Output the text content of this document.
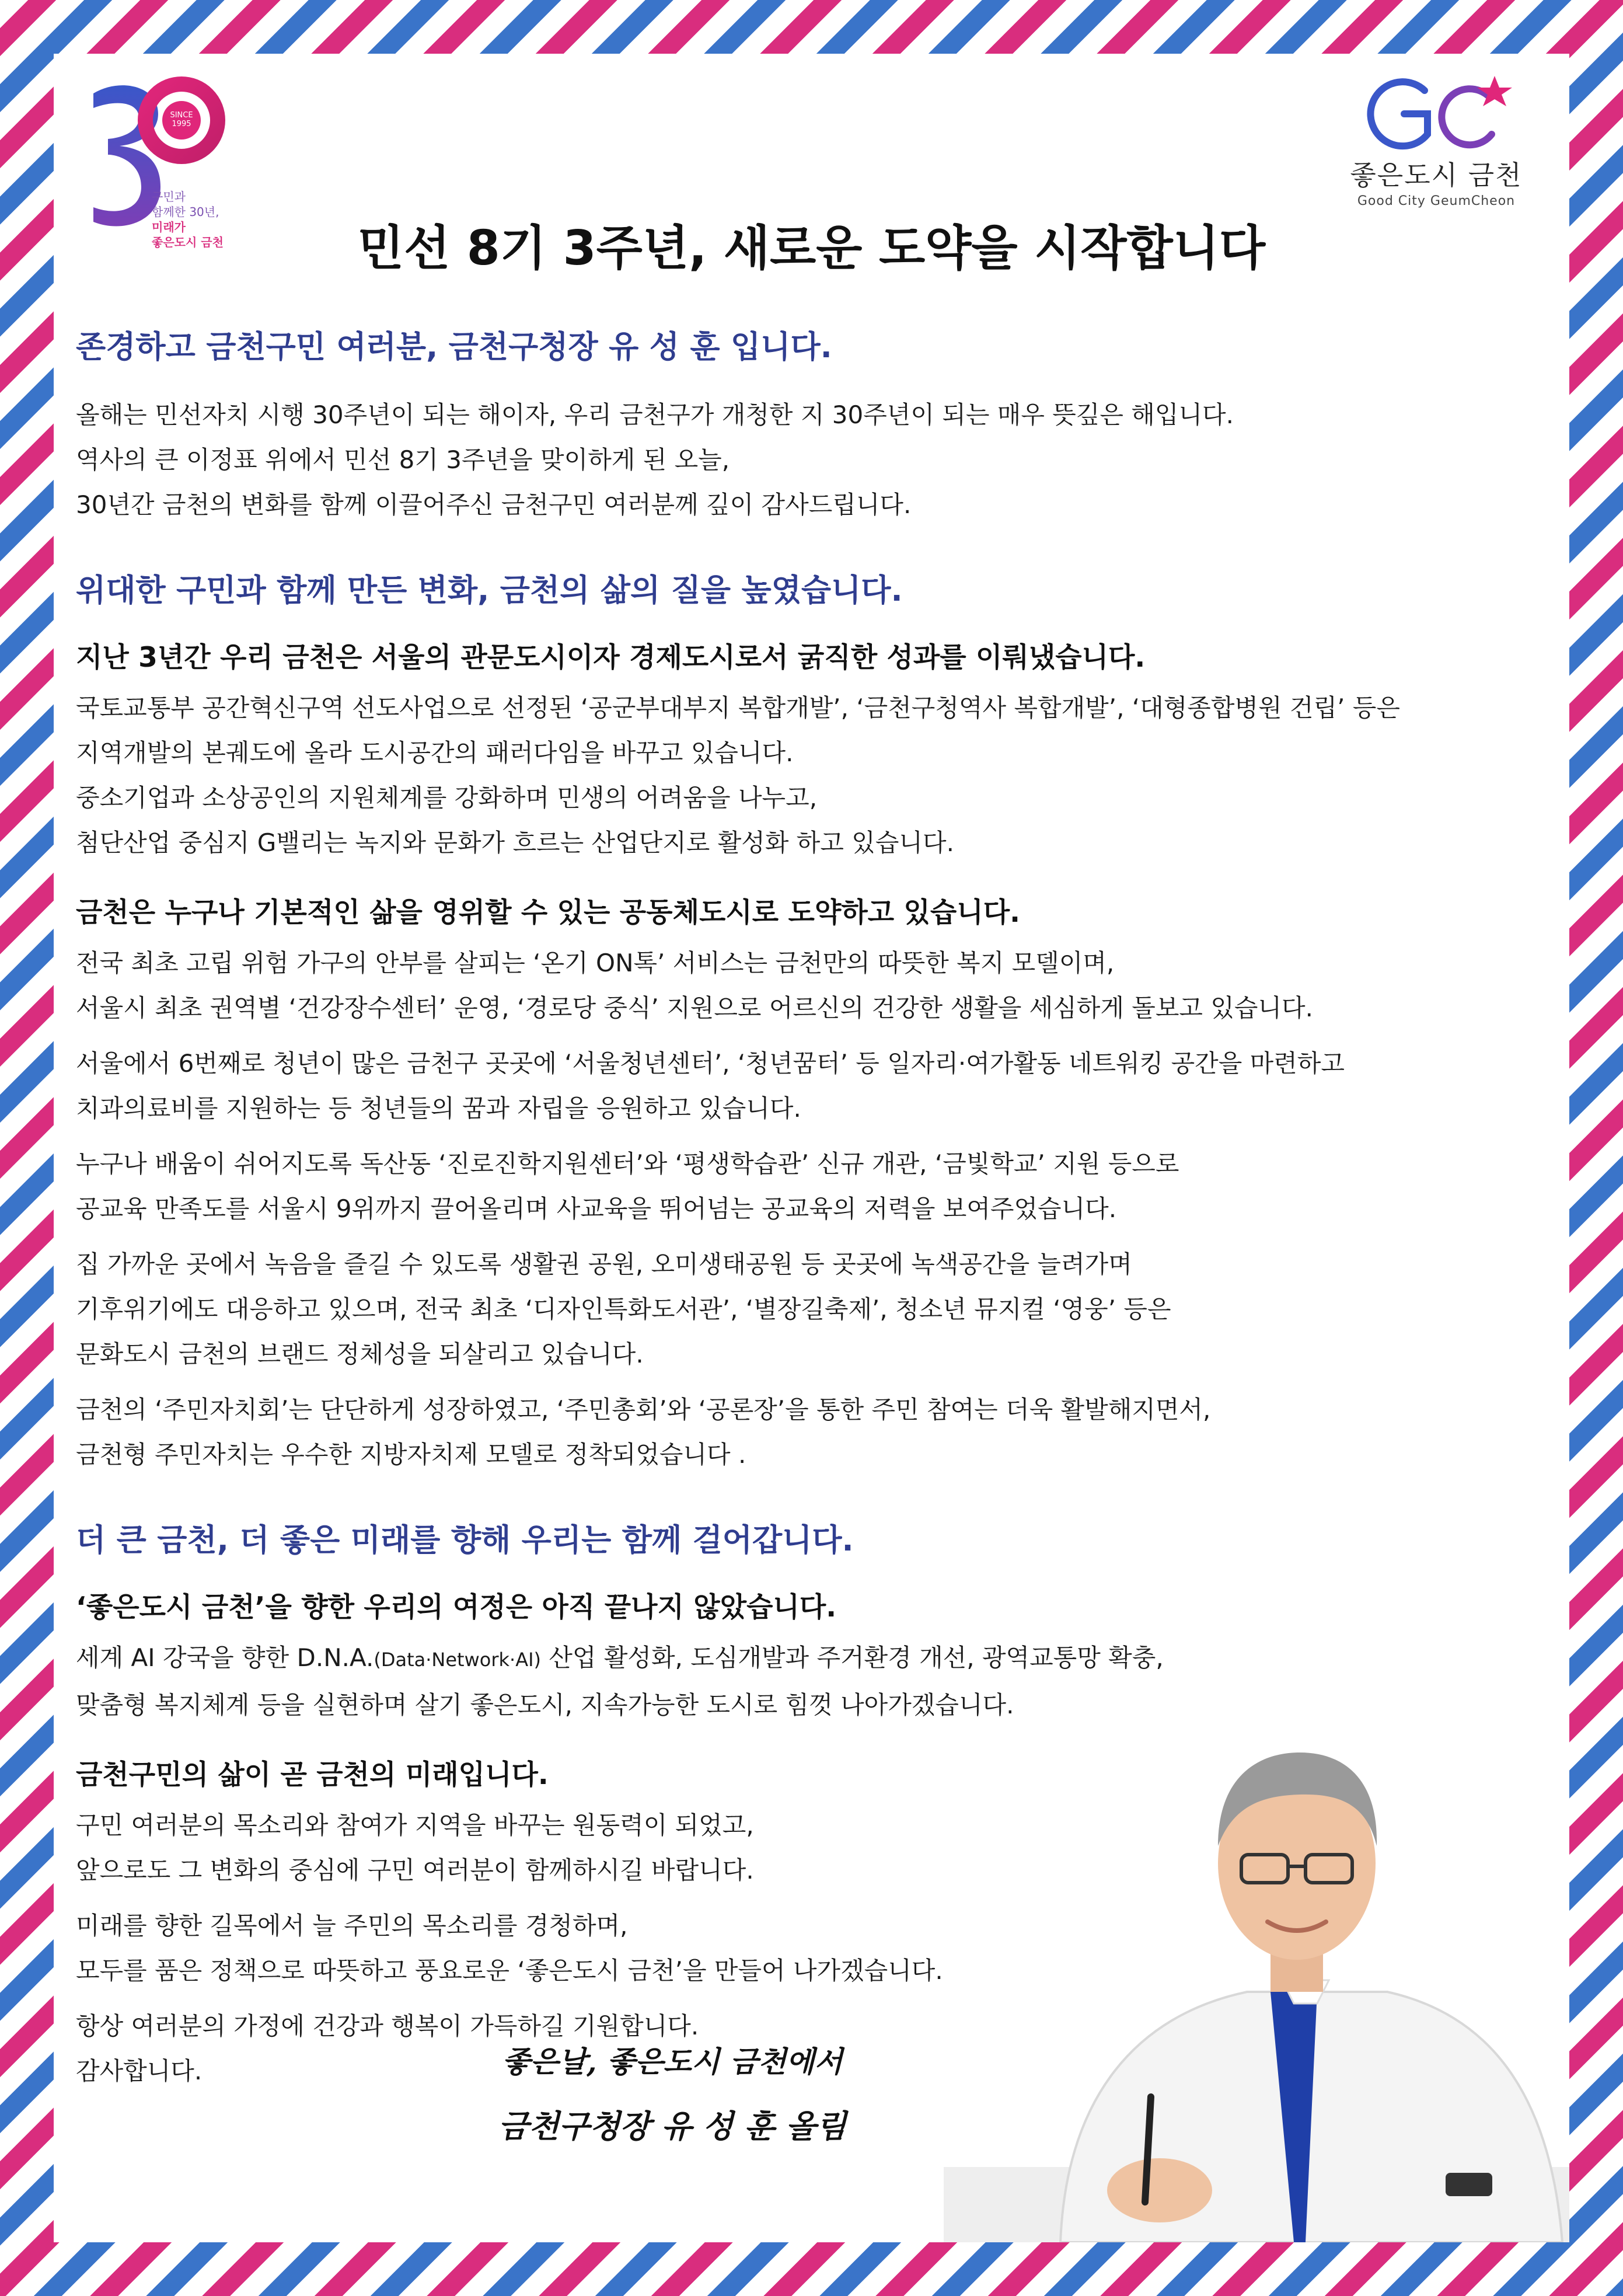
SINCE 1995
구민과
함께한 30년,
미래가
좋은도시 금천
좋은도시 금천
Good City GeumCheon
민선 8기 3주년, 새로운 도약을 시작합니다

존경하고 금천구민 여러분, 금천구청장 유 성 훈 입니다.

올해는 민선자치 시행 30주년이 되는 해이자, 우리 금천구가 개청한 지 30주년이 되는 매우 뜻깊은 해입니다.

역사의 큰 이정표 위에서 민선 8기 3주년을 맞이하게 된 오늘,

30년간 금천의 변화를 함께 이끌어주신 금천구민 여러분께 깊이 감사드립니다.

위대한 구민과 함께 만든 변화, 금천의 삶의 질을 높였습니다.

지난 3년간 우리 금천은 서울의 관문도시이자 경제도시로서 굵직한 성과를 이뤄냈습니다.

국토교통부 공간혁신구역 선도사업으로 선정된 ‘공군부대부지 복합개발’, ‘금천구청역사 복합개발’, ‘대형종합병원 건립’ 등은

지역개발의 본궤도에 올라 도시공간의 패러다임을 바꾸고 있습니다.

중소기업과 소상공인의 지원체계를 강화하며 민생의 어려움을 나누고,

첨단산업 중심지 G밸리는 녹지와 문화가 흐르는 산업단지로 활성화 하고 있습니다.

금천은 누구나 기본적인 삶을 영위할 수 있는 공동체도시로 도약하고 있습니다.

전국 최초 고립 위험 가구의 안부를 살피는 ‘온기 ON톡’ 서비스는 금천만의 따뜻한 복지 모델이며,

서울시 최초 권역별 ‘건강장수센터’ 운영, ‘경로당 중식’ 지원으로 어르신의 건강한 생활을 세심하게 돌보고 있습니다.

서울에서 6번째로 청년이 많은 금천구 곳곳에 ‘서울청년센터’, ‘청년꿈터’ 등 일자리·여가활동 네트워킹 공간을 마련하고

치과의료비를 지원하는 등 청년들의 꿈과 자립을 응원하고 있습니다.

누구나 배움이 쉬어지도록 독산동 ‘진로진학지원센터’와 ‘평생학습관’ 신규 개관, ‘금빛학교’ 지원 등으로

공교육 만족도를 서울시 9위까지 끌어올리며 사교육을 뛰어넘는 공교육의 저력을 보여주었습니다.

집 가까운 곳에서 녹음을 즐길 수 있도록 생활권 공원, 오미생태공원 등 곳곳에 녹색공간을 늘려가며

기후위기에도 대응하고 있으며, 전국 최초 ‘디자인특화도서관’, ‘별장길축제’, 청소년 뮤지컬 ‘영웅’ 등은

문화도시 금천의 브랜드 정체성을 되살리고 있습니다.

금천의 ‘주민자치회’는 단단하게 성장하였고, ‘주민총회’와 ‘공론장’을 통한 주민 참여는 더욱 활발해지면서,

금천형 주민자치는 우수한 지방자치제 모델로 정착되었습니다 .

더 큰 금천, 더 좋은 미래를 향해 우리는 함께 걸어갑니다.

‘좋은도시 금천’을 향한 우리의 여정은 아직 끝나지 않았습니다.

세계 AI 강국을 향한 D.N.A.(Data·Network·AI) 산업 활성화, 도심개발과 주거환경 개선, 광역교통망 확충,

맞춤형 복지체계 등을 실현하며 살기 좋은도시, 지속가능한 도시로 힘껏 나아가겠습니다.

금천구민의 삶이 곧 금천의 미래입니다.

구민 여러분의 목소리와 참여가 지역을 바꾸는 원동력이 되었고,

앞으로도 그 변화의 중심에 구민 여러분이 함께하시길 바랍니다.

미래를 향한 길목에서 늘 주민의 목소리를 경청하며,

모두를 품은 정책으로 따뜻하고 풍요로운 ‘좋은도시 금천’을 만들어 나가겠습니다.

항상 여러분의 가정에 건강과 행복이 가득하길 기원합니다.

감사합니다.	좋은날, 좋은도시 금천에서
금천구청장 유 성 훈 올림
